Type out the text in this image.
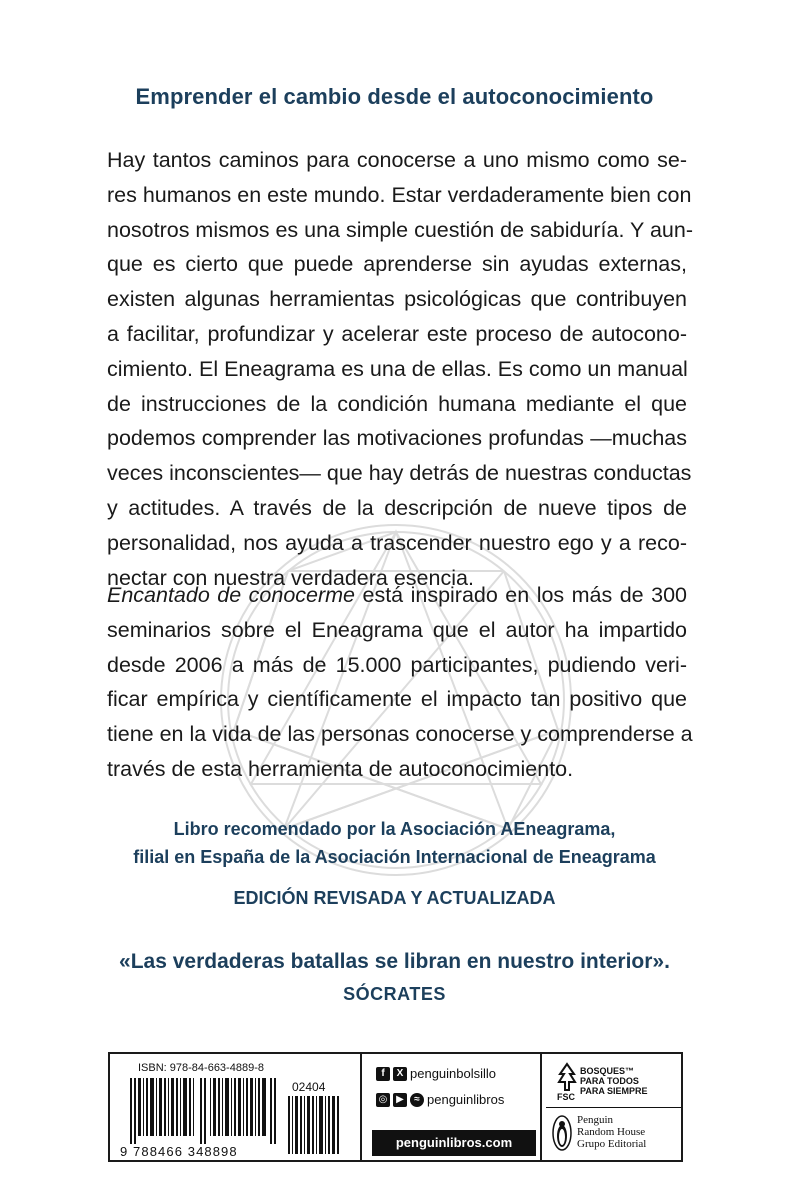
Emprender el cambio desde el autoconocimiento
Hay tantos caminos para conocerse a uno mismo como se-
res humanos en este mundo. Estar verdaderamente bien con
nosotros mismos es una simple cuestión de sabiduría. Y aun-
que es cierto que puede aprenderse sin ayudas externas,
existen algunas herramientas psicológicas que contribuyen
a facilitar, profundizar y acelerar este proceso de autocono-
cimiento. El Eneagrama es una de ellas. Es como un manual
de instrucciones de la condición humana mediante el que
podemos comprender las motivaciones profundas —muchas
veces inconscientes— que hay detrás de nuestras conductas
y actitudes. A través de la descripción de nueve tipos de
personalidad, nos ayuda a trascender nuestro ego y a reco-
nectar con nuestra verdadera esencia.
Encantado de conocerme está inspirado en los más de 300
seminarios sobre el Eneagrama que el autor ha impartido
desde 2006 a más de 15.000 participantes, pudiendo veri-
ficar empírica y científicamente el impacto tan positivo que
tiene en la vida de las personas conocerse y comprenderse a
través de esta herramienta de autoconocimiento.
Libro recomendado por la Asociación AEneagrama,
filial en España de la Asociación Internacional de Eneagrama
EDICIÓN REVISADA Y ACTUALIZADA
«Las verdaderas batallas se libran en nuestro interior».
SÓCRATES
ISBN: 978-84-663-4889-8
9 788466 348898
02404
f	X penguinbolsillo
◎ ▶	≈ penguinlibros
penguinlibros.com
BOSQUES™
PARA TODOS
PARA SIEMPRE
FSC
Penguin
Random House
Grupo Editorial
